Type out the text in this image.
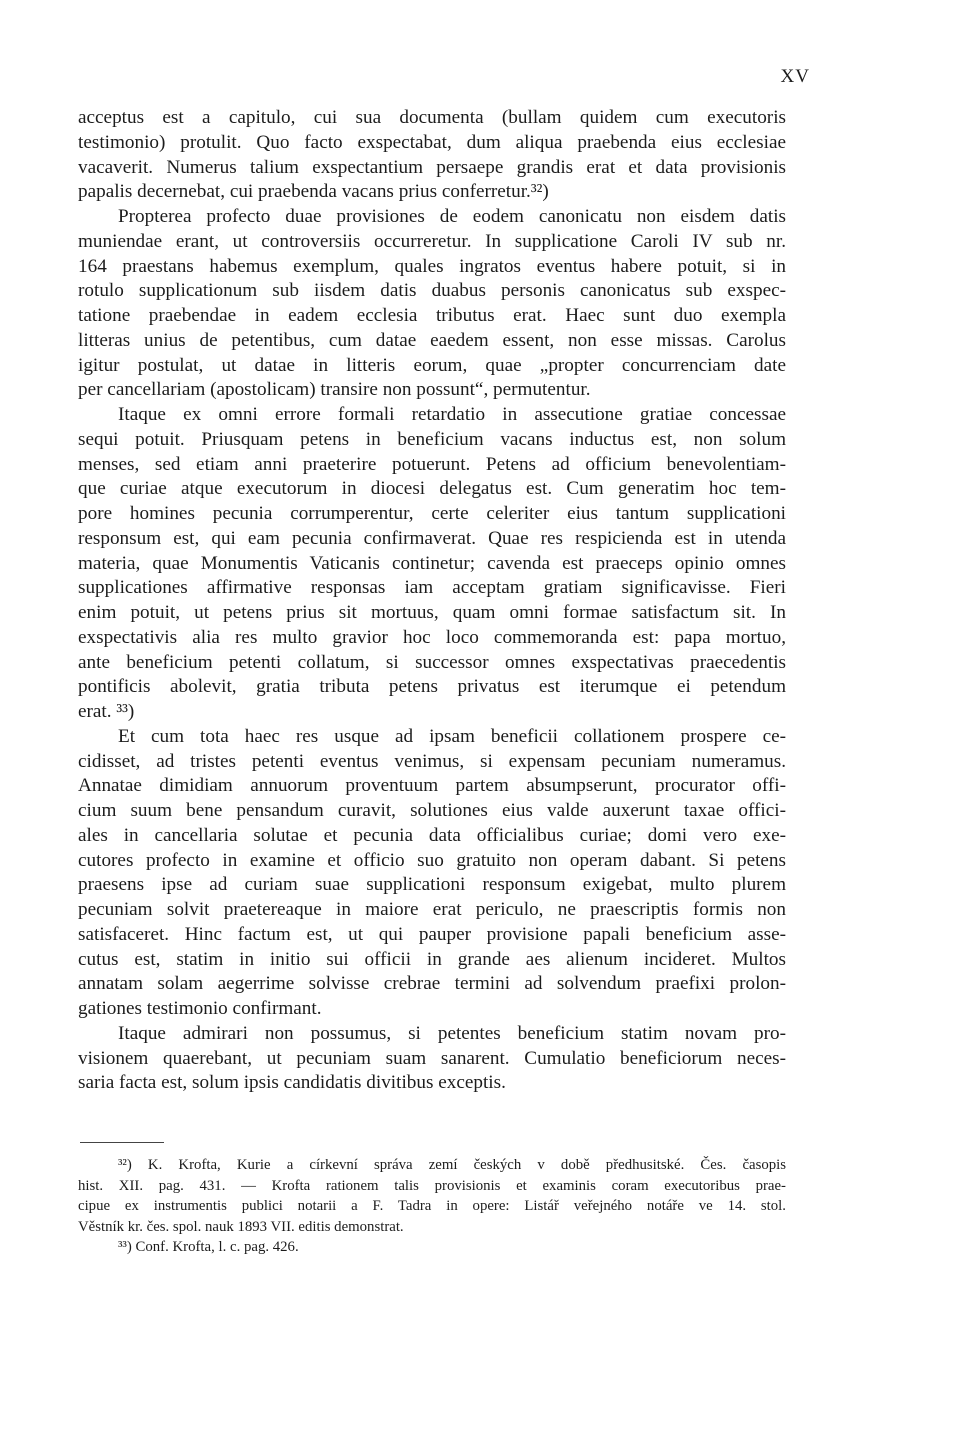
XV
acceptus est a capitulo, cui sua documenta (bullam quidem cum executoris
testimonio) protulit. Quo facto exspectabat, dum aliqua praebenda eius ecclesiae
vacaverit. Numerus talium exspectantium persaepe grandis erat et data provisionis
papalis decernebat, cui praebenda vacans prius conferretur.³²)
Propterea profecto duae provisiones de eodem canonicatu non eisdem datis
muniendae erant, ut controversiis occurreretur. In supplicatione Caroli IV sub nr.
164 praestans habemus exemplum, quales ingratos eventus habere potuit, si in
rotulo supplicationum sub iisdem datis duabus personis canonicatus sub exspec-
tatione praebendae in eadem ecclesia tributus erat. Haec sunt duo exempla
litteras unius de petentibus, cum datae eaedem essent, non esse missas. Carolus
igitur postulat, ut datae in litteris eorum, quae „propter concurrenciam date
per cancellariam (apostolicam) transire non possunt“, permutentur.
Itaque ex omni errore formali retardatio in assecutione gratiae concessae
sequi potuit. Priusquam petens in beneficium vacans inductus est, non solum
menses, sed etiam anni praeterire potuerunt. Petens ad officium benevolentiam-
que curiae atque executorum in diocesi delegatus est. Cum generatim hoc tem-
pore homines pecunia corrumperentur, certe celeriter eius tantum supplicationi
responsum est, qui eam pecunia confirmaverat. Quae res respicienda est in utenda
materia, quae Monumentis Vaticanis continetur; cavenda est praeceps opinio omnes
supplicationes affirmative responsas iam acceptam gratiam significavisse. Fieri
enim potuit, ut petens prius sit mortuus, quam omni formae satisfactum sit. In
exspectativis alia res multo gravior hoc loco commemoranda est: papa mortuo,
ante beneficium petenti collatum, si successor omnes exspectativas praecedentis
pontificis abolevit, gratia tributa petens privatus est iterumque ei petendum
erat. ³³)
Et cum tota haec res usque ad ipsam beneficii collationem prospere ce-
cidisset, ad tristes petenti eventus venimus, si expensam pecuniam numeramus.
Annatae dimidiam annuorum proventuum partem absumpserunt, procurator offi-
cium suum bene pensandum curavit, solutiones eius valde auxerunt taxae offici-
ales in cancellaria solutae et pecunia data officialibus curiae; domi vero exe-
cutores profecto in examine et officio suo gratuito non operam dabant. Si petens
praesens ipse ad curiam suae supplicationi responsum exigebat, multo plurem
pecuniam solvit praetereaque in maiore erat periculo, ne praescriptis formis non
satisfaceret. Hinc factum est, ut qui pauper provisione papali beneficium asse-
cutus est, statim in initio sui officii in grande aes alienum incideret. Multos
annatam solam aegerrime solvisse crebrae termini ad solvendum praefixi prolon-
gationes testimonio confirmant.
Itaque admirari non possumus, si petentes beneficium statim novam pro-
visionem quaerebant, ut pecuniam suam sanarent. Cumulatio beneficiorum neces-
saria facta est, solum ipsis candidatis divitibus exceptis.
³²) K. Krofta, Kurie a církevní správa zemí českých v době předhusitské. Čes. časopis
hist. XII. pag. 431. — Krofta rationem talis provisionis et examinis coram executoribus prae-
cipue ex instrumentis publici notarii a F. Tadra in opere: Listář veřejného notáře ve 14. stol.
Věstník kr. čes. spol. nauk 1893 VII. editis demonstrat.
³³) Conf. Krofta, l. c. pag. 426.
